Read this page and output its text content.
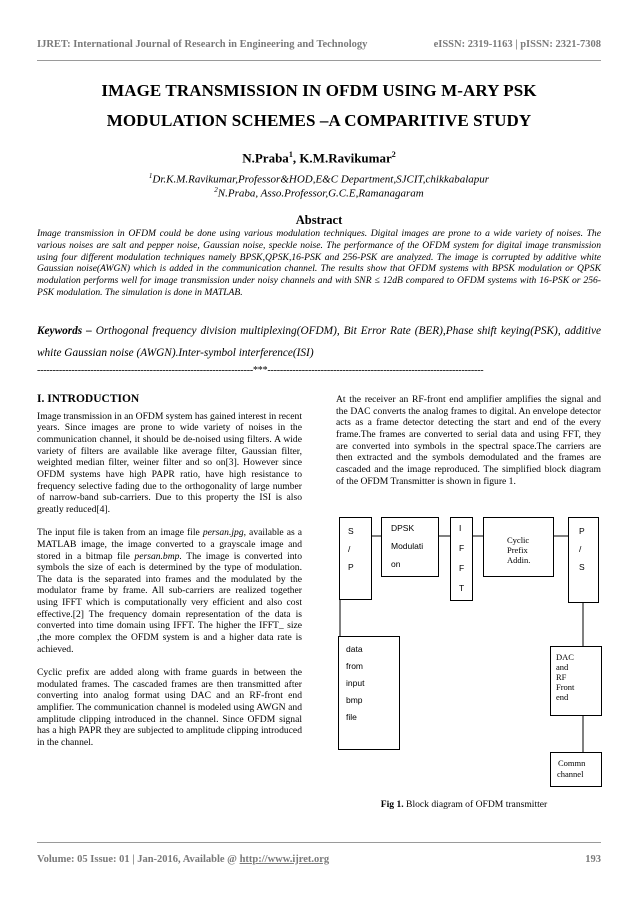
IJRET: International Journal of Research in Engineering and Technology	eISSN: 2319-1163 | pISSN: 2321-7308
IMAGE TRANSMISSION IN OFDM USING M-ARY PSK
MODULATION SCHEMES –A COMPARITIVE STUDY
N.Praba$^1$, K.M.Ravikumar$^2$
$^1$Dr.K.M.Ravikumar,Professor&HOD,E&C Department,SJCIT,chikkabalapur
$^2$N.Praba, Asso.Professor,G.C.E,Ramanagaram
Abstract
Image transmission in OFDM could be done using various modulation techniques. Digital images are prone to a wide variety of noises. The various noises are salt and pepper noise, Gaussian noise, speckle noise. The performance of the OFDM system for digital image transmission using four different modulation techniques namely BPSK,QPSK,16-PSK and 256-PSK are analyzed. The image is corrupted by additive white Gaussian noise(AWGN) which is added in the communication channel. The results show that OFDM systems with BPSK modulation or QPSK modulation performs well for image transmission under noisy channels and with SNR ≤ 12dB compared to OFDM systems with 16-PSK or 256-PSK modulation. The simulation is done in MATLAB.
Keywords – Orthogonal frequency division multiplexing(OFDM), Bit Error Rate (BER),Phase shift keying(PSK), additive white Gaussian noise (AWGN).Inter-symbol interference(ISI)
---------------------------------------------------------------------***---------------------------------------------------------------------
I. INTRODUCTION

Image transmission in an OFDM system has gained interest in recent years. Since images are prone to wide variety of noises in the communication channel, it should be de-noised using filters. A wide variety of filters are available like average filter, Gaussian filter, weighted median filter, weiner filter and so on[3]. However since OFDM systems have high PAPR ratio, have high resistance to frequency selective fading due to the orthogonality of large number of narrow-band sub-carriers. Due to this property the ISI is also greatly reduced[4].

The input file is taken from an image file persan.jpg, available as a MATLAB image, the image converted to a grayscale image and stored in a bitmap file persan.bmp. The image is converted into symbols the size of each is determined by the type of modulation. The data is the separated into frames and the modulated by the modulator frame by frame. All sub-carriers are realized together using IFFT which is computationally very efficient and also cost effective.[2] The frequency domain representation of the data is converted into time domain using IFFT. The higher the IFFT_ size ,the more complex the OFDM system is and a higher data rate is achieved.

Cyclic prefix are added along with frame guards in between the modulated frames. The cascaded frames are then transmitted after converting into analog format using DAC and an RF-front end amplifier. The communication channel is modeled using AWGN and amplitude clipping introduced in the channel. Since OFDM signal has a high PAPR they are subjected to amplitude clipping introduced in the channel.

At the receiver an RF-front end amplifier amplifies the signal and the DAC converts the analog frames to digital. An envelope detector acts as a frame detector detecting the start and end of the every frame.The frames are converted to serial data and using FFT, they are converted into symbols in the spectral space.The carriers are then extracted and the symbols demodulated and the frames are cascaded and the image reproduced. The simplified block diagram of the OFDM Transmitter is shown in figure 1.

S
/
P
DPSK
Modulati
on
I
F
F
T
Cyclic
Prefix
Addin.
P
/
S
data
from
input
bmp
file
DAC
and
RF
Front
end
Commn
channel
Fig 1. Block diagram of OFDM transmitter
Volume: 05 Issue: 01 | Jan-2016, Available @ http://www.ijret.org	193
